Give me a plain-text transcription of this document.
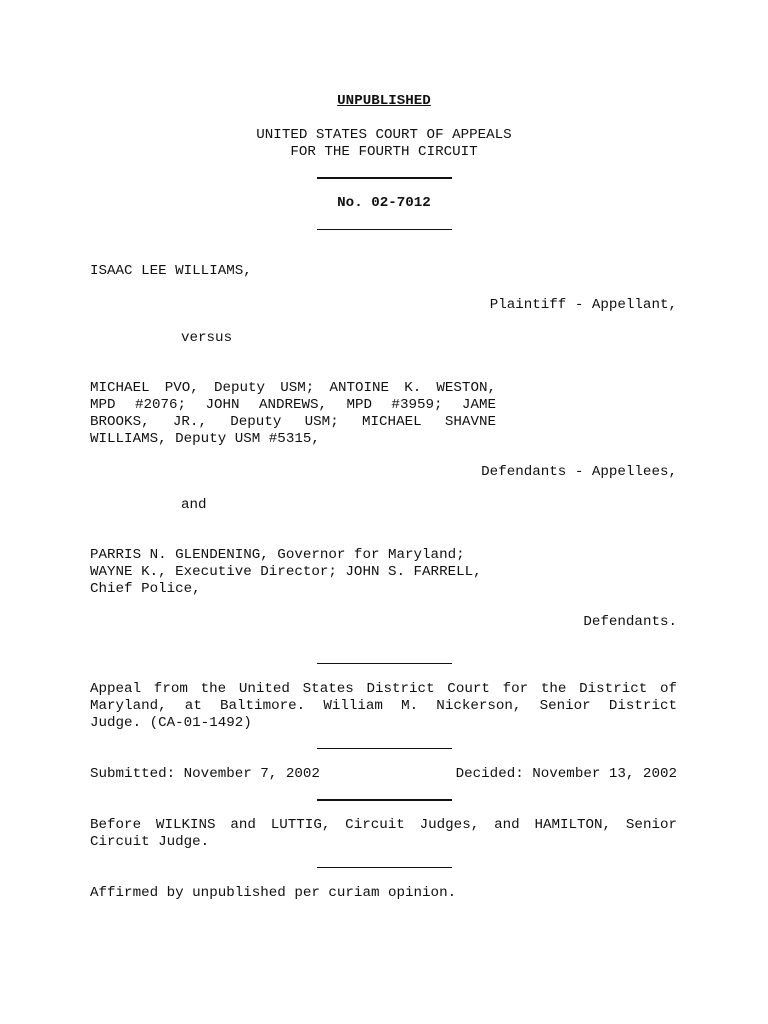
UNPUBLISHED
UNITED STATES COURT OF APPEALS
FOR THE FOURTH CIRCUIT
No. 02-7012
ISAAC LEE WILLIAMS,
Plaintiff - Appellant,
versus
MICHAEL PVO, Deputy USM; ANTOINE K. WESTON,
MPD #2076; JOHN ANDREWS, MPD #3959; JAME
BROOKS, JR., Deputy USM; MICHAEL SHAVNE
WILLIAMS, Deputy USM #5315,
Defendants - Appellees,
and
PARRIS N. GLENDENING, Governor for Maryland;
WAYNE K., Executive Director; JOHN S. FARRELL,
Chief Police,
Defendants.
Appeal from the United States District Court for the District of
Maryland, at Baltimore. William M. Nickerson, Senior District
Judge. (CA-01-1492)
Submitted: November 7, 2002	Decided: November 13, 2002
Before WILKINS and LUTTIG, Circuit Judges, and HAMILTON, Senior
Circuit Judge.
Affirmed by unpublished per curiam opinion.
